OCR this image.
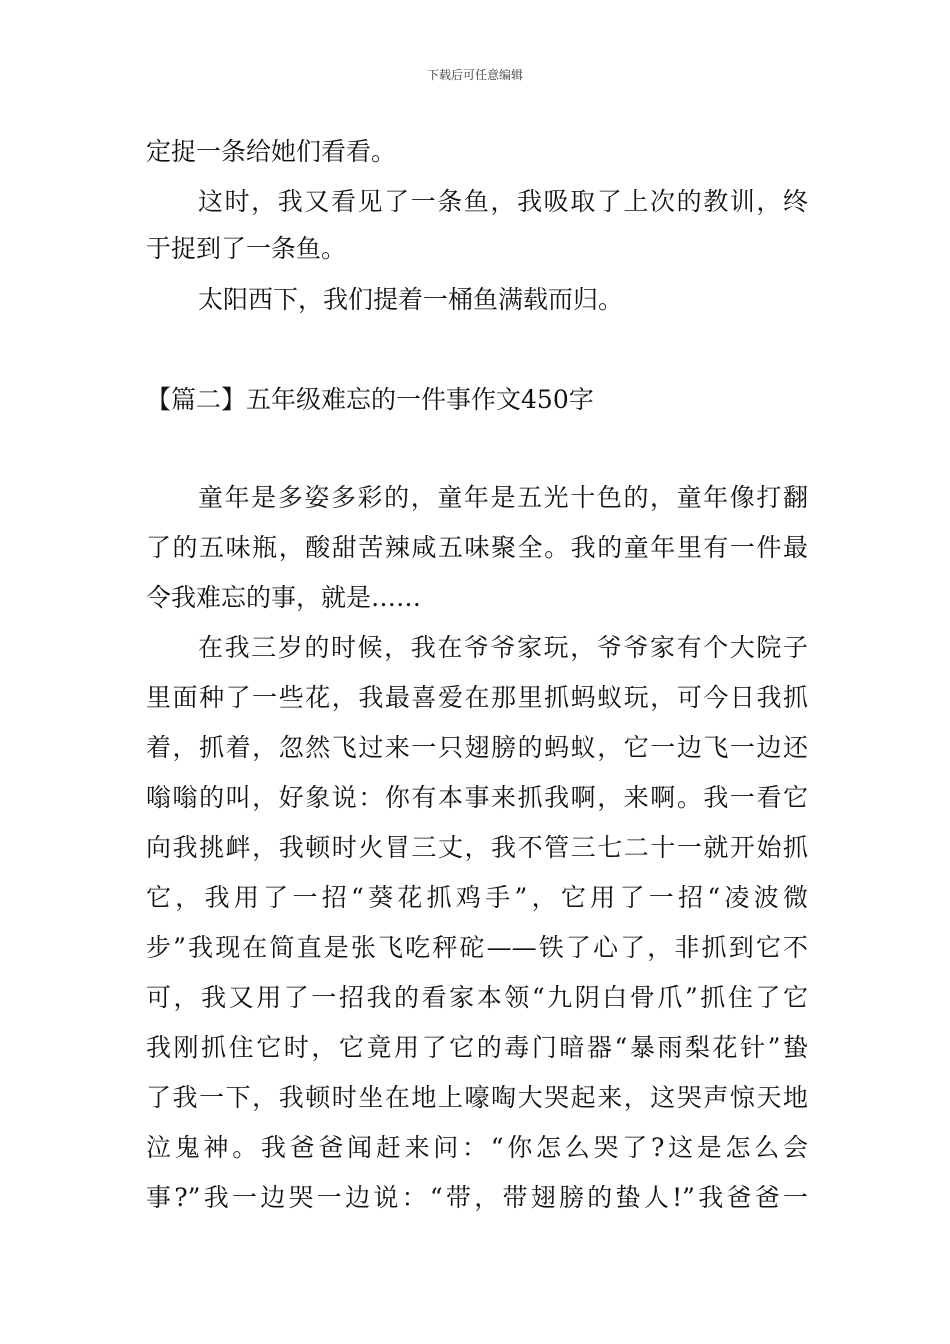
下载后可任意编辑
定捉一条给她们看看。
这时，我又看见了一条鱼，我吸取了上次的教训，终
于捉到了一条鱼。
太阳西下，我们提着一桶鱼满载而归。
【篇二】五年级难忘的一件事作文450字
童年是多姿多彩的，童年是五光十色的，童年像打翻
了的五味瓶，酸甜苦辣咸五味聚全。我的童年里有一件最
令我难忘的事，就是……
在我三岁的时候，我在爷爷家玩，爷爷家有个大院子
里面种了一些花，我最喜爱在那里抓蚂蚁玩，可今日我抓
着，抓着，忽然飞过来一只翅膀的蚂蚁，它一边飞一边还
嗡嗡的叫，好象说：你有本事来抓我啊，来啊。我一看它
向我挑衅，我顿时火冒三丈，我不管三七二十一就开始抓
它，我用了一招“葵花抓鸡手”，它用了一招“凌波微
步”我现在简直是张飞吃秤砣——铁了心了，非抓到它不
可，我又用了一招我的看家本领“九阴白骨爪”抓住了它
我刚抓住它时，它竟用了它的毒门暗器“暴雨梨花针”蛰
了我一下，我顿时坐在地上嚎啕大哭起来，这哭声惊天地
泣鬼神。我爸爸闻赶来问：“你怎么哭了?这是怎么会
事?”我一边哭一边说：“带，带翅膀的蛰人!”我爸爸一
